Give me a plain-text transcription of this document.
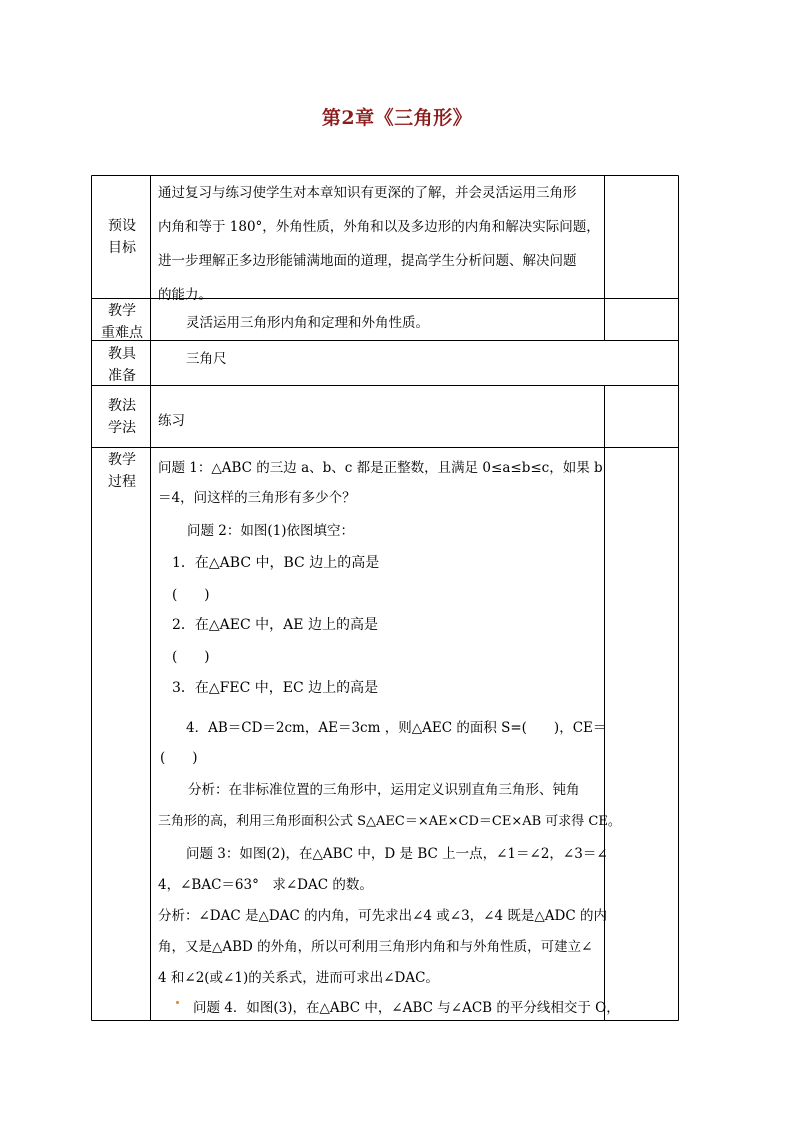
第2章《三角形》
预设
目标
通过复习与练习使学生对本章知识有更深的了解，并会灵活运用三角形
内角和等于 180°，外角性质，外角和以及多边形的内角和解决实际问题，
进一步理解正多边形能铺满地面的道理，提高学生分析问题、解决问题
的能力。
教学
重难点
灵活运用三角形内角和定理和外角性质。
教具
准备
三角尺
教法
学法	练习
教学
过程
问题 1：△ABC 的三边 a、b、c 都是正整数，且满足 0≤a≤b≤c，如果 b
＝4，问这样的三角形有多少个？
问题 2：如图(1)依图填空：
1．在△ABC 中，BC 边上的高是
(　　)
2．在△AEC 中，AE 边上的高是
(　　)
3．在△FEC 中，EC 边上的高是
4．AB＝CD＝2cm，AE＝3cm ，则△AEC 的面积 S=(　　)，CE＝
(　　)
分析：在非标准位置的三角形中，运用定义识别直角三角形、钝角
三角形的高，利用三角形面积公式 S△AEC＝×AE×CD＝CE×AB 可求得 CE。
问题 3：如图(2)，在△ABC 中，D 是 BC 上一点，∠1＝∠2，∠3＝∠
4，∠BAC＝63°　求∠DAC 的数。
分析：∠DAC 是△DAC 的内角，可先求出∠4 或∠3，∠4 既是△ADC 的内
角，又是△ABD 的外角，所以可利用三角形内角和与外角性质，可建立∠
4 和∠2(或∠1)的关系式，进而可求出∠DAC。
问题 4．如图(3)，在△ABC 中，∠ABC 与∠ACB 的平分线相交于 O，
